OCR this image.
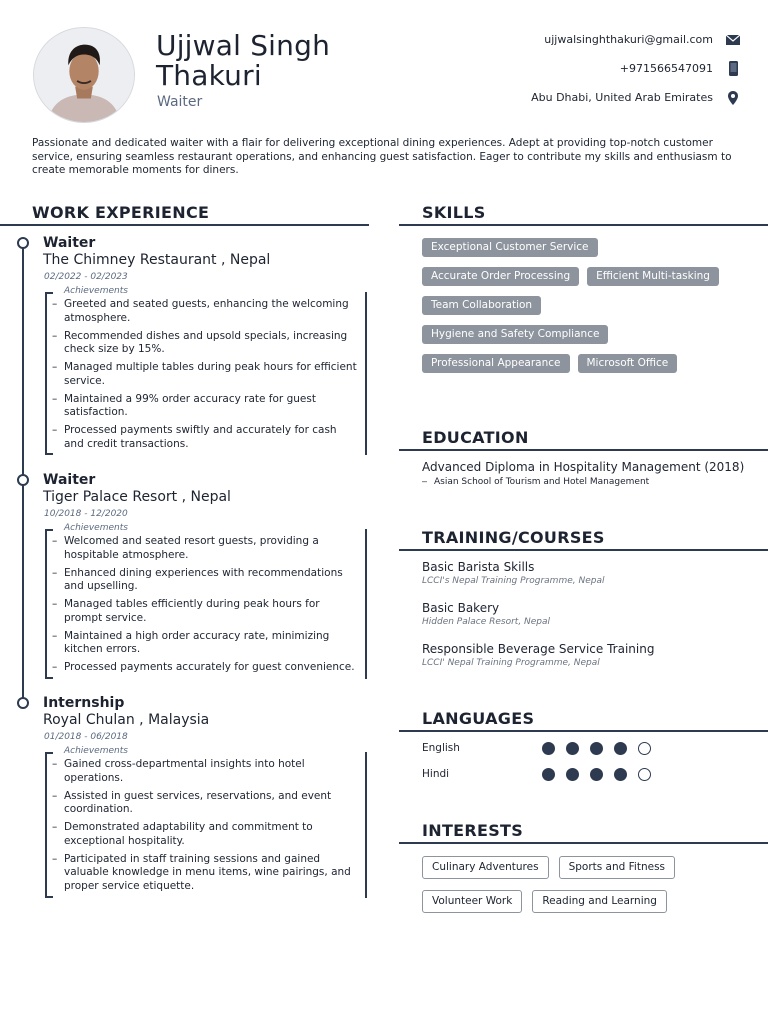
Ujjwal Singh Thakuri
Waiter
ujjwalsinghthakuri@gmail.com
+971566547091
Abu Dhabi, United Arab Emirates
Passionate and dedicated waiter with a flair for delivering exceptional dining experiences. Adept at providing top-notch customer service, ensuring seamless restaurant operations, and enhancing guest satisfaction. Eager to contribute my skills and enthusiasm to create memorable moments for diners.
WORK EXPERIENCE	SKILLS
EDUCATION
TRAINING/COURSES
LANGUAGES
INTERESTS
Waiter
The Chimney Restaurant , Nepal
02/2022 - 02/2023
Achievements
– Greeted and seated guests, enhancing the welcoming atmosphere.
– Recommended dishes and upsold specials, increasing check size by 15%.
– Managed multiple tables during peak hours for efficient service.
– Maintained a 99% order accuracy rate for guest satisfaction.
– Processed payments swiftly and accurately for cash and credit transactions.
Waiter
Tiger Palace Resort , Nepal
10/2018 - 12/2020
Achievements
– Welcomed and seated resort guests, providing a hospitable atmosphere.
– Enhanced dining experiences with recommendations and upselling.
– Managed tables efficiently during peak hours for prompt service.
– Maintained a high order accuracy rate, minimizing kitchen errors.
– Processed payments accurately for guest convenience.
Internship
Royal Chulan , Malaysia
01/2018 - 06/2018
Achievements
– Gained cross-departmental insights into hotel operations.
– Assisted in guest services, reservations, and event coordination.
– Demonstrated adaptability and commitment to exceptional hospitality.
– Participated in staff training sessions and gained valuable knowledge in menu items, wine pairings, and proper service etiquette.
Exceptional Customer Service
Accurate Order Processing	Efficient Multi-tasking
Team Collaboration
Hygiene and Safety Compliance
Professional Appearance	Microsoft Office
Advanced Diploma in Hospitality Management (2018)
– Asian School of Tourism and Hotel Management
Basic Barista Skills
LCCI's Nepal Training Programme, Nepal
Basic Bakery
Hidden Palace Resort, Nepal
Responsible Beverage Service Training
LCCI' Nepal Training Programme, Nepal
English
Hindi
Culinary Adventures	Sports and Fitness
Volunteer Work	Reading and Learning
